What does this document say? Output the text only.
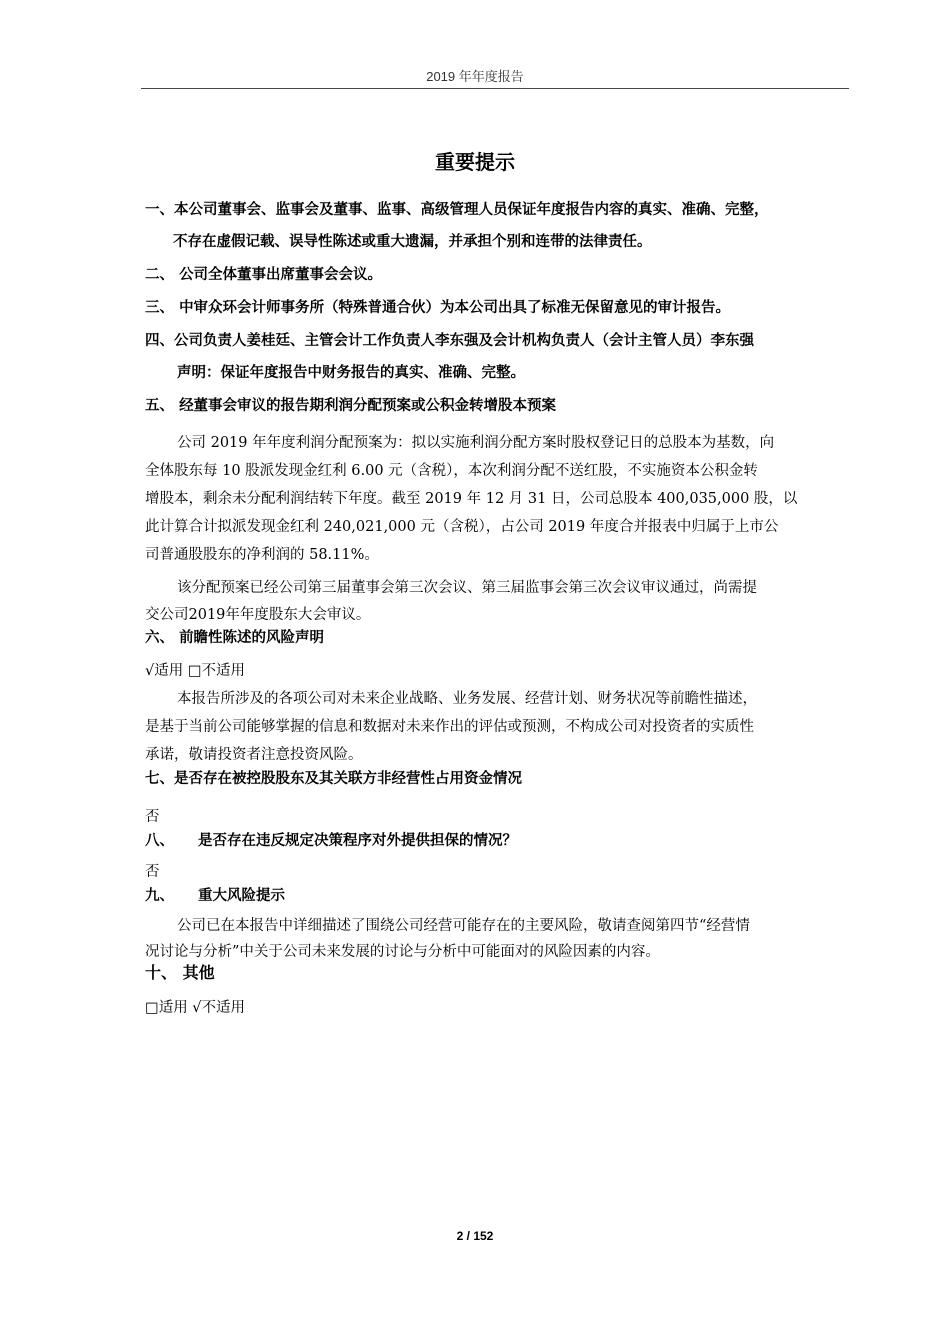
2019 年年度报告
重要提示
一、本公司董事会、监事会及董事、监事、高级管理人员保证年度报告内容的真实、准确、完整，
不存在虚假记载、误导性陈述或重大遗漏，并承担个别和连带的法律责任。
二、 公司全体董事出席董事会会议。
三、 中审众环会计师事务所（特殊普通合伙）为本公司出具了标准无保留意见的审计报告。
四、公司负责人姜桂廷、主管会计工作负责人李东强及会计机构负责人（会计主管人员）李东强
声明：保证年度报告中财务报告的真实、准确、完整。
五、 经董事会审议的报告期利润分配预案或公积金转增股本预案
公司 2019 年年度利润分配预案为：拟以实施利润分配方案时股权登记日的总股本为基数，向
全体股东每 10 股派发现金红利 6.00 元（含税），本次利润分配不送红股，不实施资本公积金转
增股本，剩余未分配利润结转下年度。截至 2019 年 12 月 31 日，公司总股本 400,035,000 股，以
此计算合计拟派发现金红利 240,021,000 元（含税），占公司 2019 年度合并报表中归属于上市公
司普通股股东的净利润的 58.11%。
该分配预案已经公司第三届董事会第三次会议、第三届监事会第三次会议审议通过，尚需提
交公司2019年年度股东大会审议。
六、 前瞻性陈述的风险声明
√适用 □不适用
本报告所涉及的各项公司对未来企业战略、业务发展、经营计划、财务状况等前瞻性描述，
是基于当前公司能够掌握的信息和数据对未来作出的评估或预测，不构成公司对投资者的实质性
承诺，敬请投资者注意投资风险。
七、是否存在被控股股东及其关联方非经营性占用资金情况
否
八、 是否存在违反规定决策程序对外提供担保的情况？
否
九、 重大风险提示
公司已在本报告中详细描述了围绕公司经营可能存在的主要风险，敬请查阅第四节“经营情
况讨论与分析”中关于公司未来发展的讨论与分析中可能面对的风险因素的内容。
十、 其他
□适用 √不适用
2 / 152
